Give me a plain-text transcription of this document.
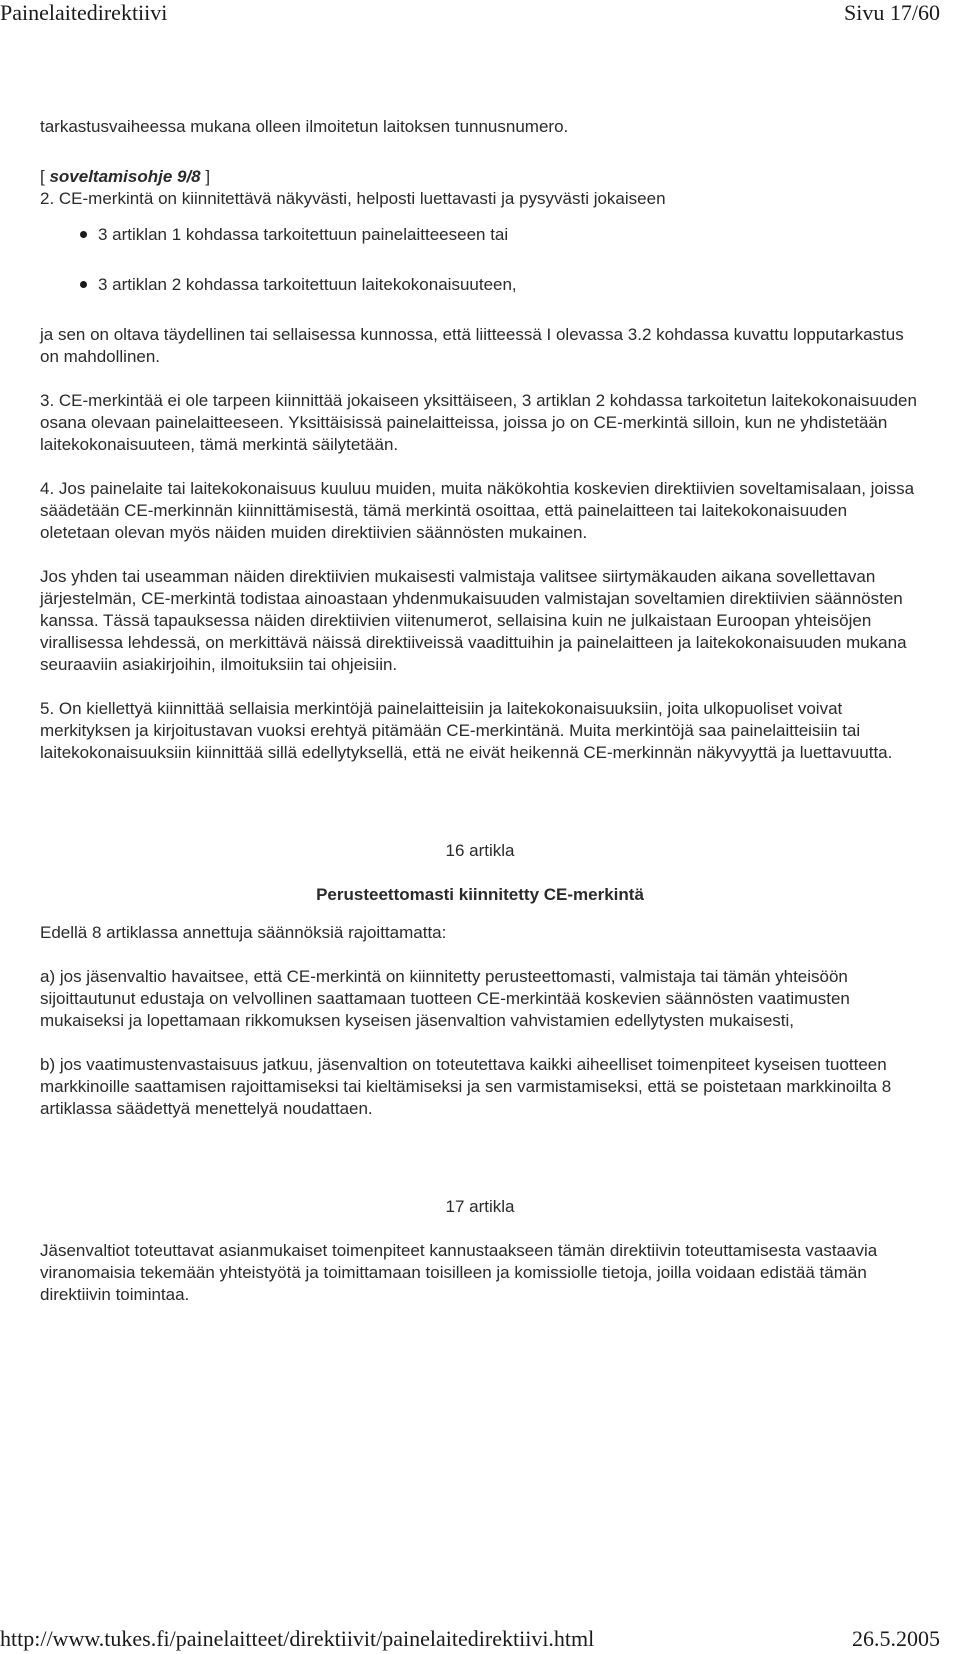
Painelaitedirektiivi	Sivu 17/60

tarkastusvaiheessa mukana olleen ilmoitetun laitoksen tunnusnumero.

[ soveltamisohje 9/8 ]

2. CE-merkintä on kiinnitettävä näkyvästi, helposti luettavasti ja pysyvästi jokaiseen

3 artiklan 1 kohdassa tarkoitettuun painelaitteeseen tai
3 artiklan 2 kohdassa tarkoitettuun laitekokonaisuuteen,

ja sen on oltava täydellinen tai sellaisessa kunnossa, että liitteessä I olevassa 3.2 kohdassa kuvattu lopputarkastus on mahdollinen.

3. CE-merkintää ei ole tarpeen kiinnittää jokaiseen yksittäiseen, 3 artiklan 2 kohdassa tarkoitetun laitekokonaisuuden osana olevaan painelaitteeseen. Yksittäisissä painelaitteissa, joissa jo on CE-merkintä silloin, kun ne yhdistetään laitekokonaisuuteen, tämä merkintä säilytetään.

4. Jos painelaite tai laitekokonaisuus kuuluu muiden, muita näkökohtia koskevien direktiivien soveltamisalaan, joissa säädetään CE-merkinnän kiinnittämisestä, tämä merkintä osoittaa, että painelaitteen tai laitekokonaisuuden oletetaan olevan myös näiden muiden direktiivien säännösten mukainen.

Jos yhden tai useamman näiden direktiivien mukaisesti valmistaja valitsee siirtymäkauden aikana sovellettavan järjestelmän, CE-merkintä todistaa ainoastaan yhdenmukaisuuden valmistajan soveltamien direktiivien säännösten kanssa. Tässä tapauksessa näiden direktiivien viitenumerot, sellaisina kuin ne julkaistaan Euroopan yhteisöjen virallisessa lehdessä, on merkittävä näissä direktiiveissä vaadittuihin ja painelaitteen ja laitekokonaisuuden mukana seuraaviin asiakirjoihin, ilmoituksiin tai ohjeisiin.

5. On kiellettyä kiinnittää sellaisia merkintöjä painelaitteisiin ja laitekokonaisuuksiin, joita ulkopuoliset voivat merkityksen ja kirjoitustavan vuoksi erehtyä pitämään CE-merkintänä. Muita merkintöjä saa painelaitteisiin tai laitekokonaisuuksiin kiinnittää sillä edellytyksellä, että ne eivät heikennä CE-merkinnän näkyvyyttä ja luettavuutta.

16 artikla

Perusteettomasti kiinnitetty CE-merkintä

Edellä 8 artiklassa annettuja säännöksiä rajoittamatta:

a) jos jäsenvaltio havaitsee, että CE-merkintä on kiinnitetty perusteettomasti, valmistaja tai tämän yhteisöön sijoittautunut edustaja on velvollinen saattamaan tuotteen CE-merkintää koskevien säännösten vaatimusten mukaiseksi ja lopettamaan rikkomuksen kyseisen jäsenvaltion vahvistamien edellytysten mukaisesti,

b) jos vaatimustenvastaisuus jatkuu, jäsenvaltion on toteutettava kaikki aiheelliset toimenpiteet kyseisen tuotteen markkinoille saattamisen rajoittamiseksi tai kieltämiseksi ja sen varmistamiseksi, että se poistetaan markkinoilta 8 artiklassa säädettyä menettelyä noudattaen.

17 artikla

Jäsenvaltiot toteuttavat asianmukaiset toimenpiteet kannustaakseen tämän direktiivin toteuttamisesta vastaavia viranomaisia tekemään yhteistyötä ja toimittamaan toisilleen ja komissiolle tietoja, joilla voidaan edistää tämän direktiivin toimintaa.

http://www.tukes.fi/painelaitteet/direktiivit/painelaitedirektiivi.html	26.5.2005
